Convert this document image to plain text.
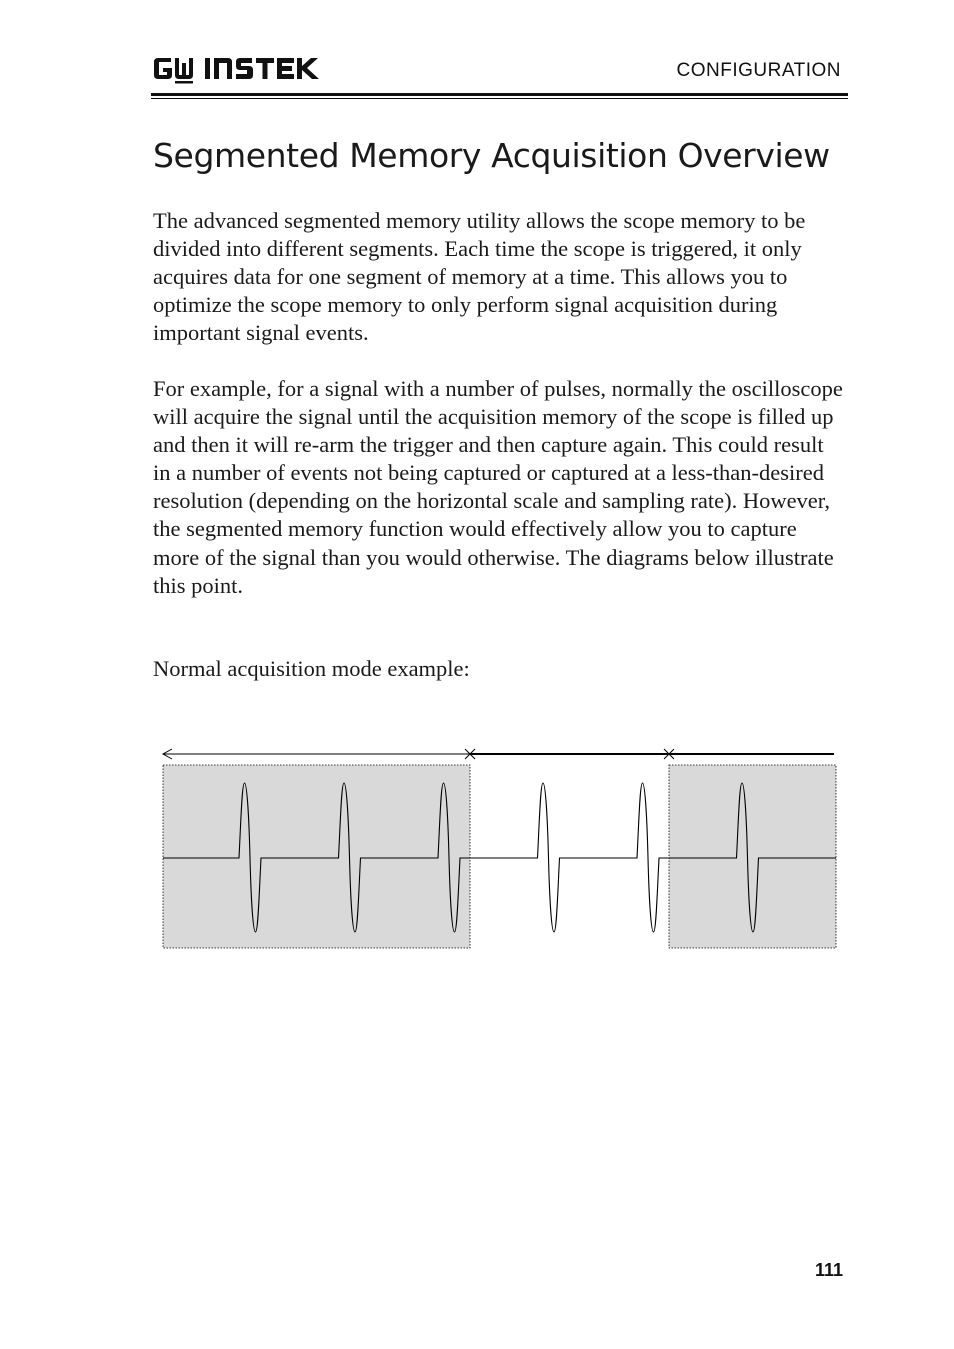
CONFIGURATION
Segmented Memory Acquisition Overview

The advanced segmented memory utility allows the scope memory to be divided into different segments. Each time the scope is triggered, it only acquires data for one segment of memory at a time. This allows you to optimize the scope memory to only perform signal acquisition during important signal events.

For example, for a signal with a number of pulses, normally the oscilloscope will acquire the signal until the acquisition memory of the scope is filled up and then it will re-arm the trigger and then capture again. This could result in a number of events not being captured or captured at a less-than-desired resolution (depending on the horizontal scale and sampling rate). However, the segmented memory function would effectively allow you to capture more of the signal than you would otherwise. The diagrams below illustrate this point.

Normal acquisition mode example:

111
